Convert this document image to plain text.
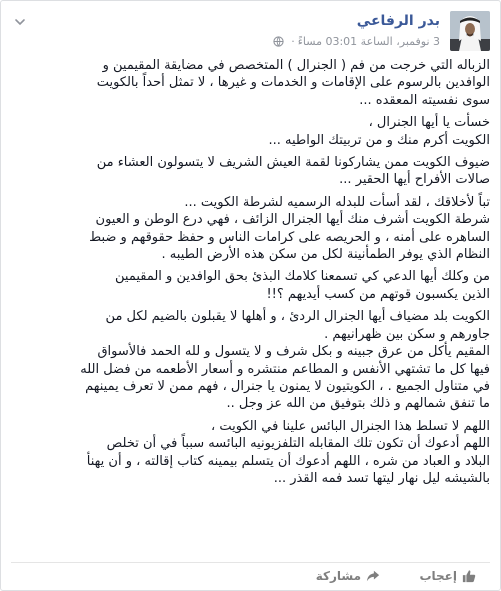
بدر الرفاعي
3 نوفمبر، الساعة 03:01 مساءً·

الزباله التي خرجت من فم ( الجنرال ) المتخصص في مضايقة المقيمين و
الوافدين بالرسوم على الإقامات و الخدمات و غيرها ، لا تمثل أحداً بالكويت
سوى نفسيته المعقده ...

خسأت يا أيها الجنرال ،
الكويت أكرم منك و من تربيتك الواطيه ...

ضيوف الكويت ممن يشاركونا لقمة العيش الشريف لا يتسولون العشاء من
صالات الأفراح أيها الحقير ...

تباً لأخلاقك ، لقد أسأت للبدله الرسميه لشرطة الكويت ...
شرطة الكويت أشرف منك أيها الجنرال الزائف ، فهي درع الوطن و العيون
الساهره على أمنه ، و الحريصه على كرامات الناس و حفظ حقوقهم و ضبط
النظام الذي يوفر الطمأنينة لكل من سكن هذه الأرض الطيبه .

من وكلك أيها الدعي كي تسمعنا كلامك البذئ بحق الوافدين و المقيمين
الذين يكسبون قوتهم من كسب أيديهم ؟!!

الكويت بلد مضياف أيها الجنرال الردئ ، و أهلها لا يقبلون بالضيم لكل من
جاورهم و سكن بين ظهرانيهم .
المقيم يأكل من عرق جبينه و بكل شرف و لا يتسول و لله الحمد فالأسواق
فيها كل ما تشتهي الأنفس و المطاعم منتشره و أسعار الأطعمه من فضل الله
في متناول الجميع . ، الكويتيون لا يمنون يا جنرال ، فهم ممن لا تعرف يمينهم
ما تنفق شمالهم و ذلك بتوفيق من الله عز وجل ..

اللهم لا تسلط هذا الجنرال البائس علينا في الكويت ،
اللهم أدعوك أن تكون تلك المقابله التلفزيونيه البائسه سبباً في أن تخلص
البلاد و العباد من شره ، اللهم أدعوك أن يتسلم بيمينه كتاب إقالته ، و أن يهنأ
بالشيشه ليل نهار ليتها تسد فمه القذر ...

إعجاب
مشاركة
